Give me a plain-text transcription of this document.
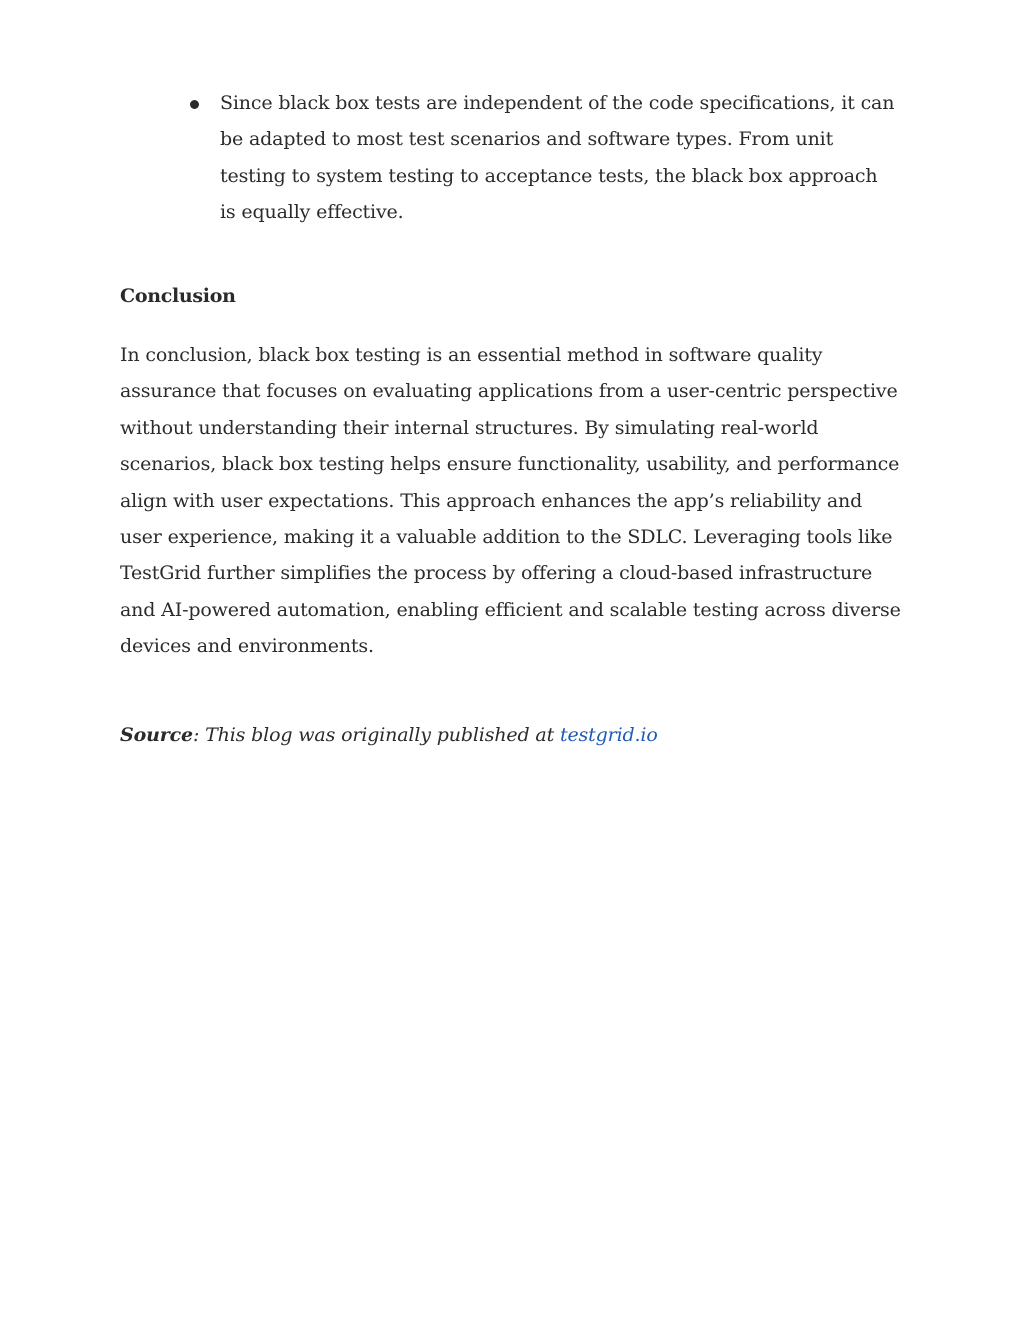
Since black box tests are independent of the code specifications, it can be adapted to most test scenarios and software types. From unit testing to system testing to acceptance tests, the black box approach is equally effective.
Conclusion

In conclusion, black box testing is an essential method in software quality assurance that focuses on evaluating applications from a user-centric perspective without understanding their internal structures. By simulating real-world scenarios, black box testing helps ensure functionality, usability, and performance align with user expectations. This approach enhances the app’s reliability and user experience, making it a valuable addition to the SDLC. Leveraging tools like TestGrid further simplifies the process by offering a cloud-based infrastructure and AI-powered automation, enabling efficient and scalable testing across diverse devices and environments.

Source: This blog was originally published at testgrid.io
